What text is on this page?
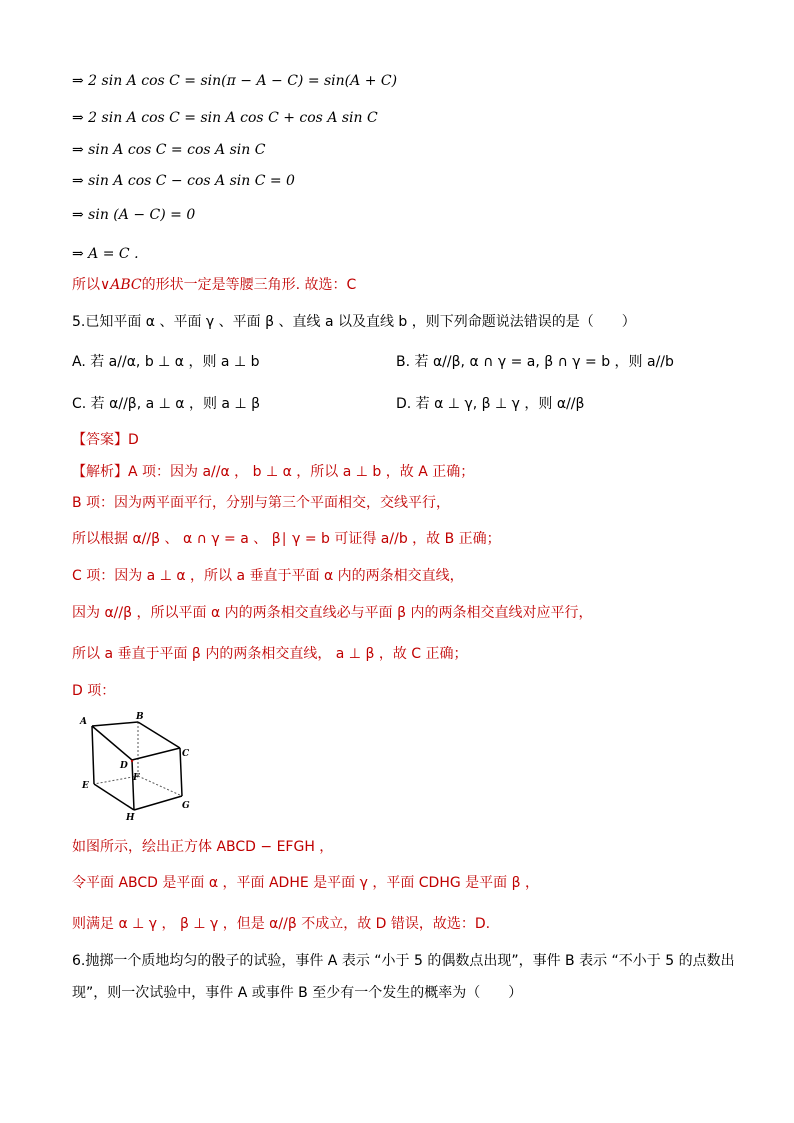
⇒ 2 sin A cos C = sin(π − A − C) = sin(A + C)
⇒ 2 sin A cos C = sin A cos C + cos A sin C
⇒ sin A cos C = cos A sin C
⇒ sin A cos C − cos A sin C = 0
⇒ sin (A − C) = 0
⇒ A = C .
所以∨ABC的形状一定是等腰三角形. 故选：C
5.已知平面 α 、平面 γ 、平面 β 、直线 a 以及直线 b ，则下列命题说法错误的是（　　）
A. 若 a//α, b ⊥ α ，则 a ⊥ b	B. 若 α//β, α ∩ γ = a, β ∩ γ = b ，则 a//b
C. 若 α//β, a ⊥ α ，则 a ⊥ β	D. 若 α ⊥ γ, β ⊥ γ ，则 α//β
【答案】D
【解析】A 项：因为 a//α ， b ⊥ α ，所以 a ⊥ b ，故 A 正确；
B 项：因为两平面平行，分别与第三个平面相交，交线平行，
所以根据 α//β 、 α ∩ γ = a 、 β∣ γ = b 可证得 a//b ，故 B 正确；
C 项：因为 a ⊥ α ，所以 a 垂直于平面 α 内的两条相交直线，
因为 α//β ，所以平面 α 内的两条相交直线必与平面 β 内的两条相交直线对应平行，
所以 a 垂直于平面 β 内的两条相交直线， a ⊥ β ，故 C 正确；
D 项：
A	B
C
D
E
F
G
H
如图所示，绘出正方体 ABCD − EFGH ，
令平面 ABCD 是平面 α ，平面 ADHE 是平面 γ ，平面 CDHG 是平面 β ，
则满足 α ⊥ γ ， β ⊥ γ ，但是 α//β 不成立，故 D 错误，故选：D.
6.抛掷一个质地均匀的骰子的试验，事件 A 表示 “小于 5 的偶数点出现”，事件 B 表示 “不小于 5 的点数出
现”，则一次试验中，事件 A 或事件 B 至少有一个发生的概率为（　　）
